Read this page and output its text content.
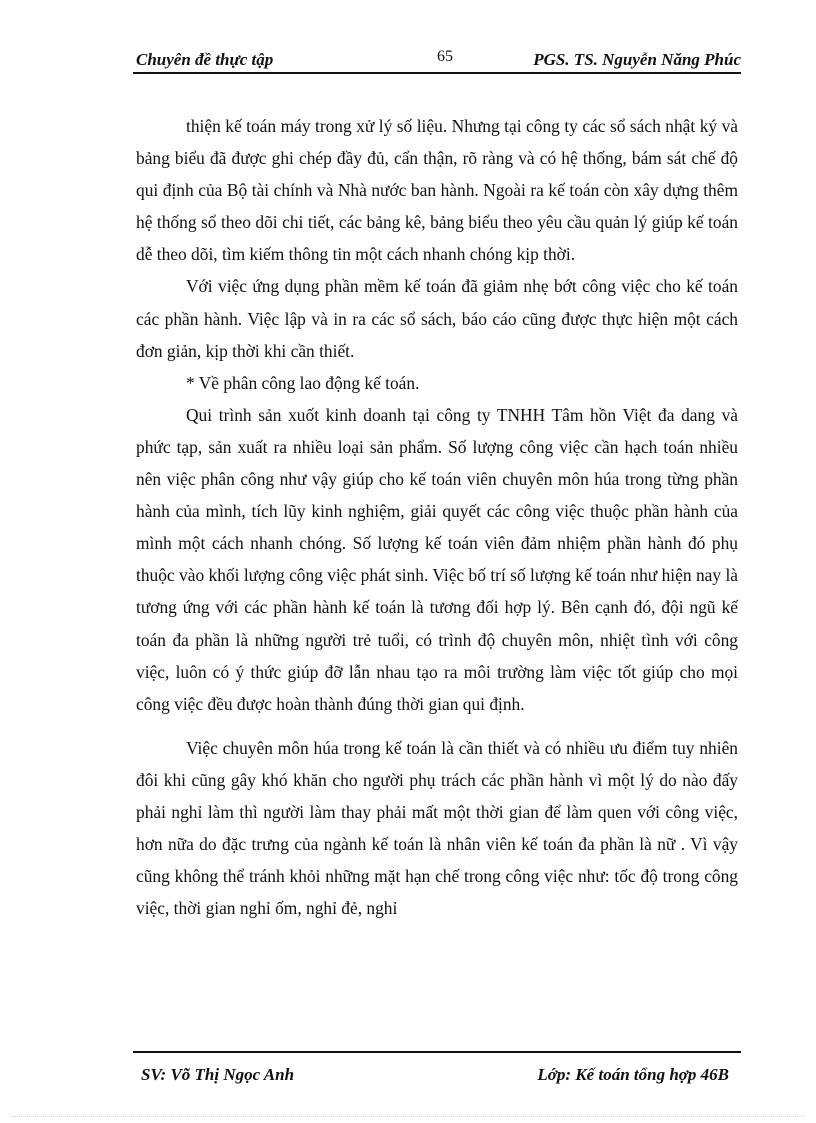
Chuyên đề thực tập	65	PGS. TS. Nguyễn Năng Phúc

thiện kế toán máy trong xử lý số liệu. Nhưng tại công ty các sổ sách nhật ký và bảng biểu đã được ghi chép đầy đủ, cẩn thận, rõ ràng và có hệ thống, bám sát chế độ qui định của Bộ tài chính và Nhà nước ban hành. Ngoài ra kế toán còn xây dựng thêm hệ thống sổ theo dõi chi tiết, các bảng kê, bảng biểu theo yêu cầu quản lý giúp kế toán dễ theo dõi, tìm kiếm thông tin một cách nhanh chóng kịp thời.

Với việc ứng dụng phần mềm kế toán đã giảm nhẹ bớt công việc cho kế toán các phần hành. Việc lập và in ra các sổ sách, báo cáo cũng được thực hiện một cách đơn giản, kịp thời khi cần thiết.

* Về phân công lao động kế toán.

Qui trình sản xuốt kinh doanh tại công ty TNHH Tâm hồn Việt đa dang và phức tạp, sản xuất ra nhiều loại sản phẩm. Số lượng công việc cần hạch toán nhiều nên việc phân công như vậy giúp cho kế toán viên chuyên môn húa trong từng phần hành của mình, tích lũy kinh nghiệm, giải quyết các công việc thuộc phần hành của mình một cách nhanh chóng. Số lượng kế toán viên đảm nhiệm phần hành đó phụ thuộc vào khối lượng công việc phát sinh. Việc bố trí số lượng kế toán như hiện nay là tương ứng với các phần hành kế toán là tương đối hợp lý. Bên cạnh đó, đội ngũ kế toán đa phần là những người trẻ tuổi, có trình độ chuyên môn, nhiệt tình với công việc, luôn có ý thức giúp đỡ lẫn nhau tạo ra môi trường làm việc tốt giúp cho mọi công việc đều được hoàn thành đúng thời gian qui định.

Việc chuyên môn húa trong kế toán là cần thiết và có nhiều ưu điểm tuy nhiên đôi khi cũng gây khó khăn cho người phụ trách các phần hành vì một lý do nào đấy phải nghỉ làm thì người làm thay phải mất một thời gian để làm quen với công việc, hơn nữa do đặc trưng của ngành kế toán là nhân viên kế toán đa phần là nữ . Vì vậy cũng không thể tránh khỏi những mặt hạn chế trong công việc như: tốc độ trong công việc, thời gian nghỉ ốm, nghỉ đẻ, nghỉ

SV: Võ Thị Ngọc Anh	Lớp: Kế toán tổng hợp 46B
